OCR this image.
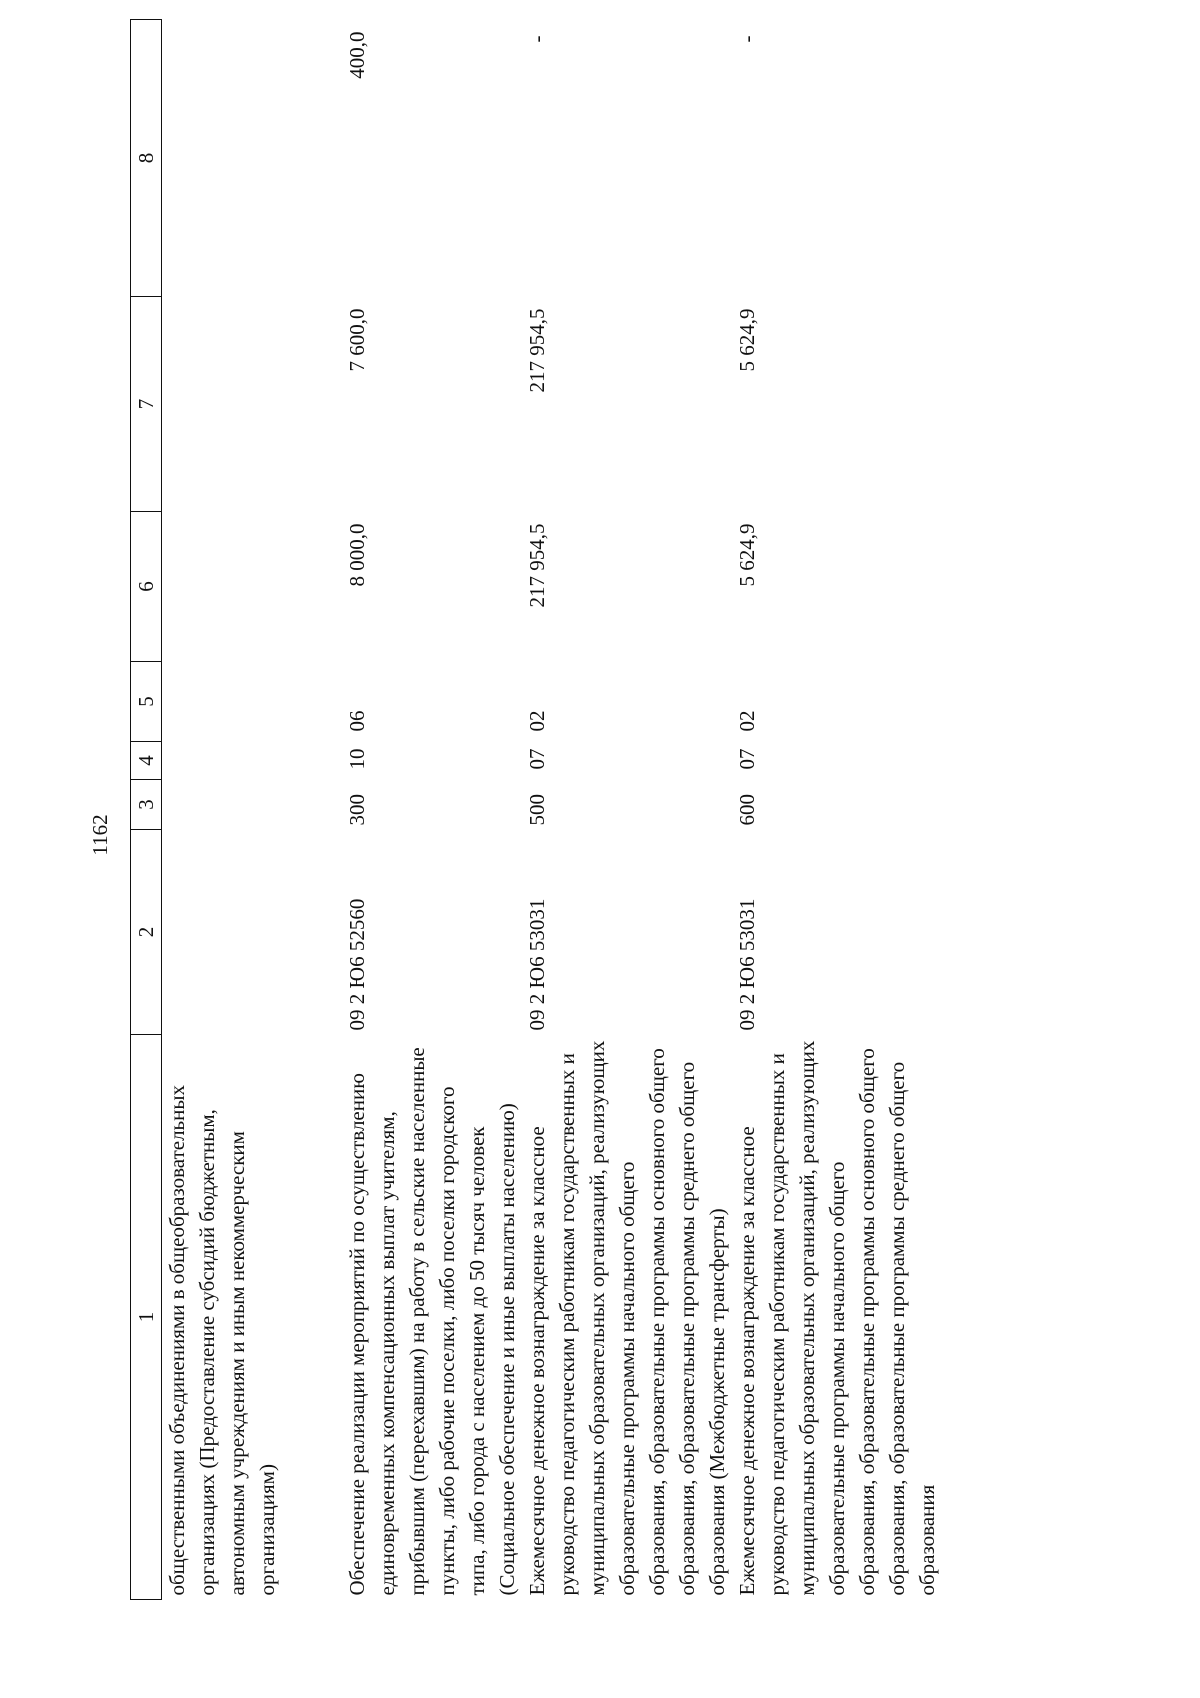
1162
1	2	3	4	5	6	7	8
общественными объединениями в общеобразовательных организациях (Предоставление субсидий бюджетным, автономным учреждениям и иным некоммерческим организациям)							
Обеспечение реализации мероприятий по осуществлению единовременных компенсационных выплат учителям, прибывшим (переехавшим) на работу в сельские населенные пункты, либо рабочие поселки, либо поселки городского типа, либо города с населением до 50 тысяч человек (Социальное обеспечение и иные выплаты населению)	09 2 Ю6 52560	300	10	06	8 000,0	7 600,0	400,0
Ежемесячное денежное вознаграждение за классное руководство педагогическим работникам государственных и муниципальных образовательных организаций, реализующих образовательные программы начального общего образования, образовательные программы основного общего образования, образовательные программы среднего общего образования (Межбюджетные трансферты)	09 2 Ю6 53031	500	07	02	217 954,5	217 954,5	-
Ежемесячное денежное вознаграждение за классное руководство педагогическим работникам государственных и муниципальных образовательных организаций, реализующих образовательные программы начального общего образования, образовательные программы основного общего образования, образовательные программы среднего общего образования	09 2 Ю6 53031	600	07	02	5 624,9	5 624,9	-
